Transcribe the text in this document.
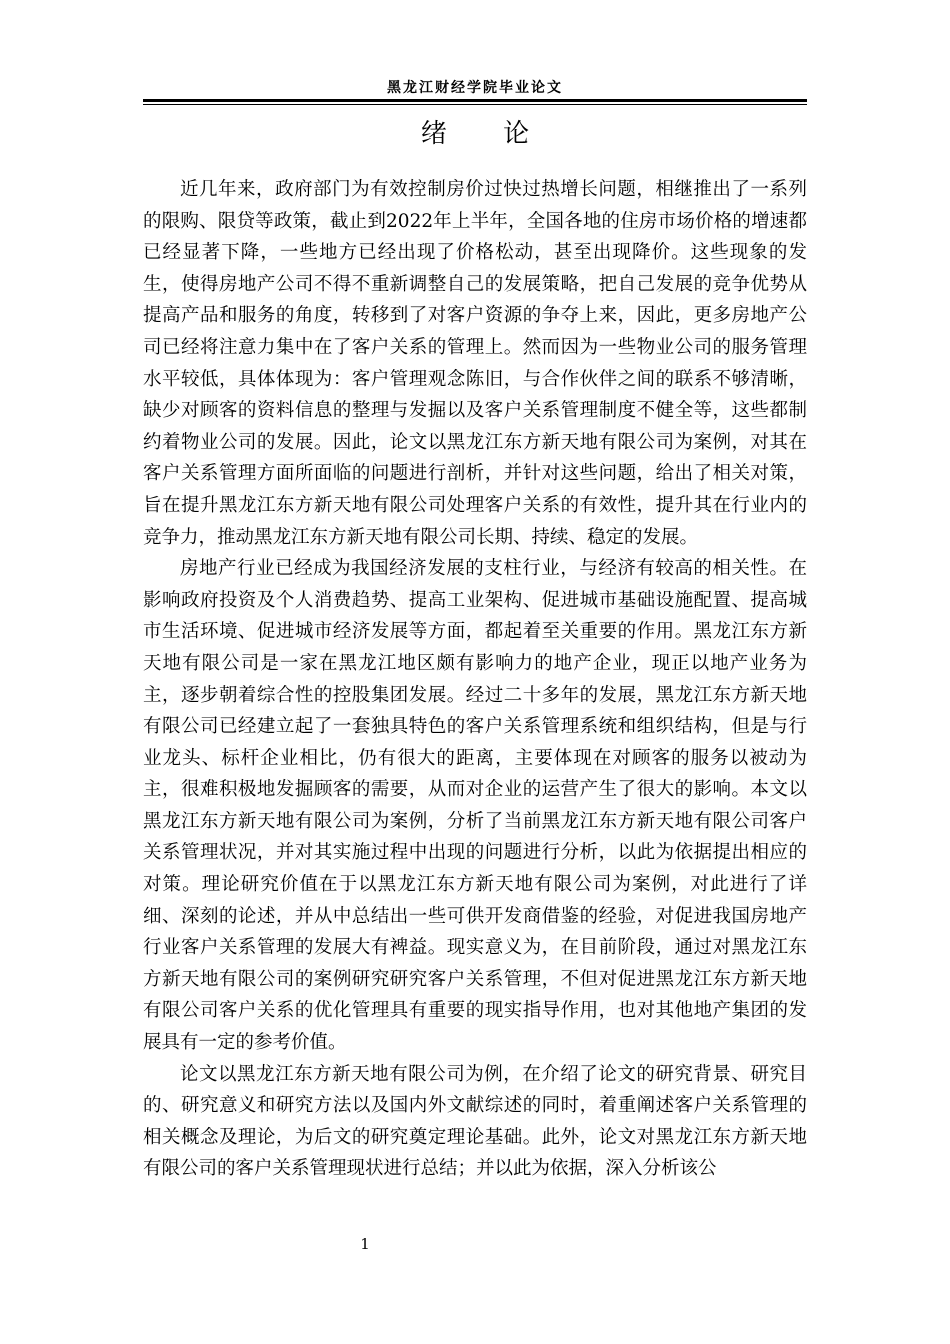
黑龙江财经学院毕业论文
绪 论

近几年来，政府部门为有效控制房价过快过热增长问题，相继推出了一系列的限购、限贷等政策，截止到2022年上半年，全国各地的住房市场价格的增速都已经显著下降，一些地方已经出现了价格松动，甚至出现降价。这些现象的发生，使得房地产公司不得不重新调整自己的发展策略，把自己发展的竞争优势从提高产品和服务的角度，转移到了对客户资源的争夺上来，因此，更多房地产公司已经将注意力集中在了客户关系的管理上。然而因为一些物业公司的服务管理水平较低，具体体现为：客户管理观念陈旧，与合作伙伴之间的联系不够清晰，缺少对顾客的资料信息的整理与发掘以及客户关系管理制度不健全等，这些都制约着物业公司的发展。因此，论文以黑龙江东方新天地有限公司为案例，对其在客户关系管理方面所面临的问题进行剖析，并针对这些问题，给出了相关对策，旨在提升黑龙江东方新天地有限公司处理客户关系的有效性，提升其在行业内的竞争力，推动黑龙江东方新天地有限公司长期、持续、稳定的发展。

房地产行业已经成为我国经济发展的支柱行业，与经济有较高的相关性。在影响政府投资及个人消费趋势、提高工业架构、促进城市基础设施配置、提高城市生活环境、促进城市经济发展等方面，都起着至关重要的作用。黑龙江东方新天地有限公司是一家在黑龙江地区颇有影响力的地产企业，现正以地产业务为主，逐步朝着综合性的控股集团发展。经过二十多年的发展，黑龙江东方新天地有限公司已经建立起了一套独具特色的客户关系管理系统和组织结构，但是与行业龙头、标杆企业相比，仍有很大的距离，主要体现在对顾客的服务以被动为主，很难积极地发掘顾客的需要，从而对企业的运营产生了很大的影响。本文以黑龙江东方新天地有限公司为案例，分析了当前黑龙江东方新天地有限公司客户关系管理状况，并对其实施过程中出现的问题进行分析，以此为依据提出相应的对策。理论研究价值在于以黑龙江东方新天地有限公司为案例，对此进行了详细、深刻的论述，并从中总结出一些可供开发商借鉴的经验，对促进我国房地产行业客户关系管理的发展大有裨益。现实意义为，在目前阶段，通过对黑龙江东方新天地有限公司的案例研究研究客户关系管理，不但对促进黑龙江东方新天地有限公司客户关系的优化管理具有重要的现实指导作用，也对其他地产集团的发展具有一定的参考价值。

论文以黑龙江东方新天地有限公司为例，在介绍了论文的研究背景、研究目的、研究意义和研究方法以及国内外文献综述的同时，着重阐述客户关系管理的相关概念及理论，为后文的研究奠定理论基础。此外，论文对黑龙江东方新天地有限公司的客户关系管理现状进行总结；并以此为依据，深入分析该公

1
